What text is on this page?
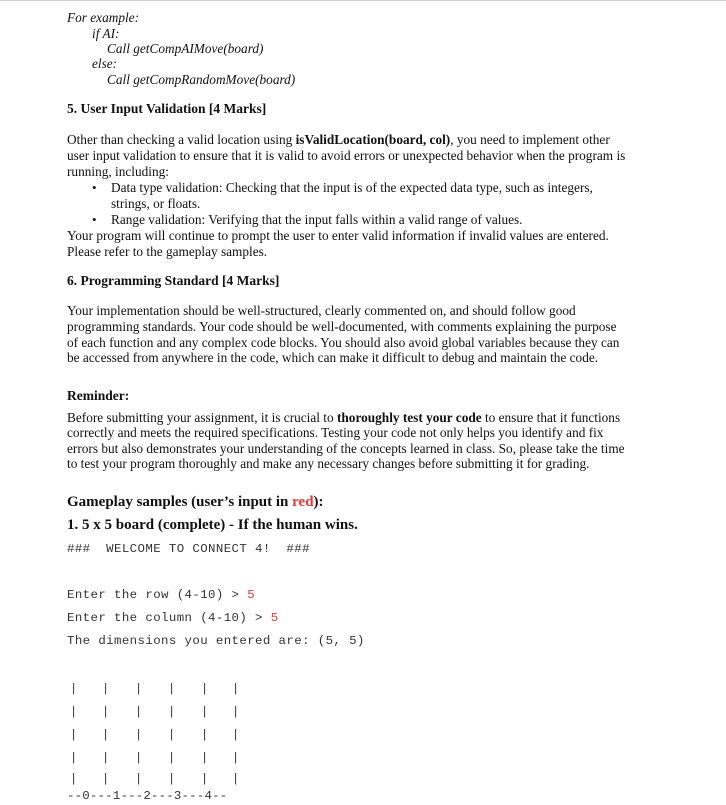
For example:
if AI:
Call getCompAIMove(board)
else:
Call getCompRandomMove(board)
5. User Input Validation [4 Marks]
Other than checking a valid location using isValidLocation(board, col), you need to implement other
user input validation to ensure that it is valid to avoid errors or unexpected behavior when the program is
running, including:
• Data type validation: Checking that the input is of the expected data type, such as integers,
strings, or floats.
• Range validation: Verifying that the input falls within a valid range of values.
Your program will continue to prompt the user to enter valid information if invalid values are entered.
Please refer to the gameplay samples.
6. Programming Standard [4 Marks]
Your implementation should be well-structured, clearly commented on, and should follow good
programming standards. Your code should be well-documented, with comments explaining the purpose
of each function and any complex code blocks. You should also avoid global variables because they can
be accessed from anywhere in the code, which can make it difficult to debug and maintain the code.
Reminder:
Before submitting your assignment, it is crucial to thoroughly test your code to ensure that it functions
correctly and meets the required specifications. Testing your code not only helps you identify and fix
errors but also demonstrates your understanding of the concepts learned in class. So, please take the time
to test your program thoroughly and make any necessary changes before submitting it for grading.
Gameplay samples (user’s input in red):
1. 5 x 5 board (complete) - If the human wins.
###  WELCOME TO CONNECT 4!  ###
Enter the row (4-10) > 5
Enter the column (4-10) > 5
The dimensions you entered are: (5, 5)
| | | | | |
| | | | | |
| | | | | |
| | | | | |
| | | | | |
--0---1---2---3---4--
